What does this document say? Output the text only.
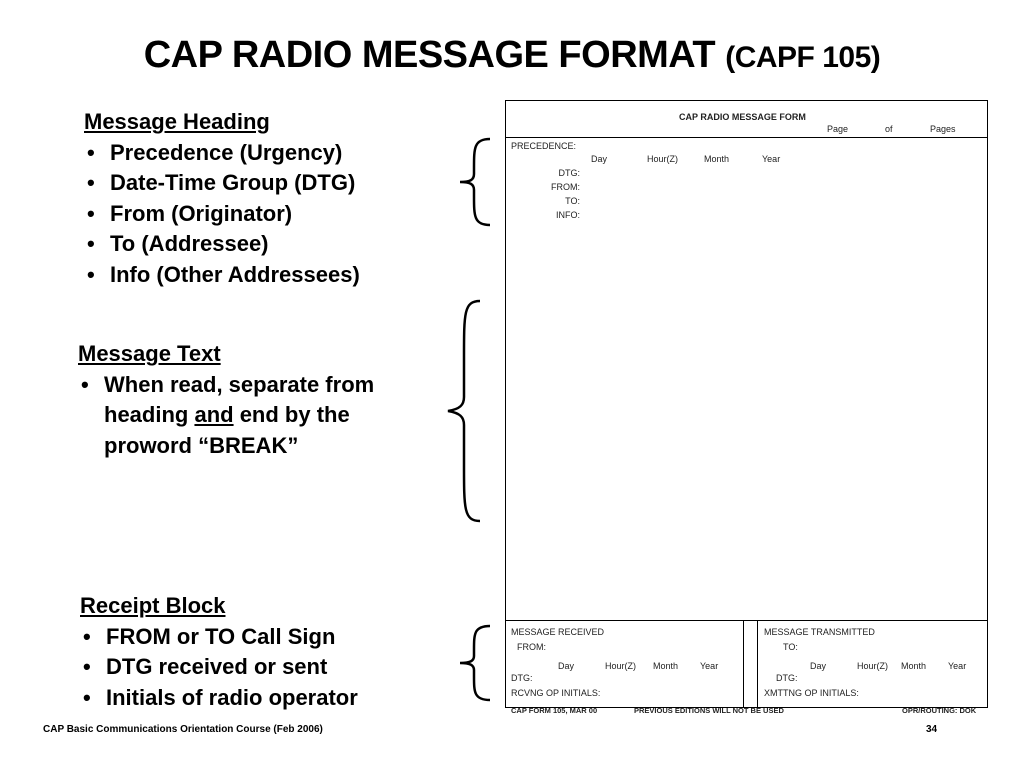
CAP RADIO MESSAGE FORMAT (CAPF 105)
Message Heading
• Precedence (Urgency)
• Date-Time Group (DTG)
• From (Originator)
• To (Addressee)
• Info (Other Addressees)
Message Text
• When read, separate from
heading and end by the
proword “BREAK”
Receipt Block
• FROM or TO Call Sign
• DTG received or sent
• Initials of radio operator
CAP RADIO MESSAGE FORM
Page	of	Pages
PRECEDENCE:
Day	Hour(Z)	Month	Year
DTG:
FROM:
TO:
INFO:
MESSAGE RECEIVED
FROM:
Day	Hour(Z) Month Year
DTG:
RCVNG OP INITIALS:
MESSAGE TRANSMITTED
TO:
Day	Hour(Z) Month Year
DTG:
XMTTNG OP INITIALS:
CAP FORM 105, MAR 00	PREVIOUS EDITIONS WILL NOT BE USED	OPR/ROUTING: DOK
CAP Basic Communications Orientation Course (Feb 2006)	34
